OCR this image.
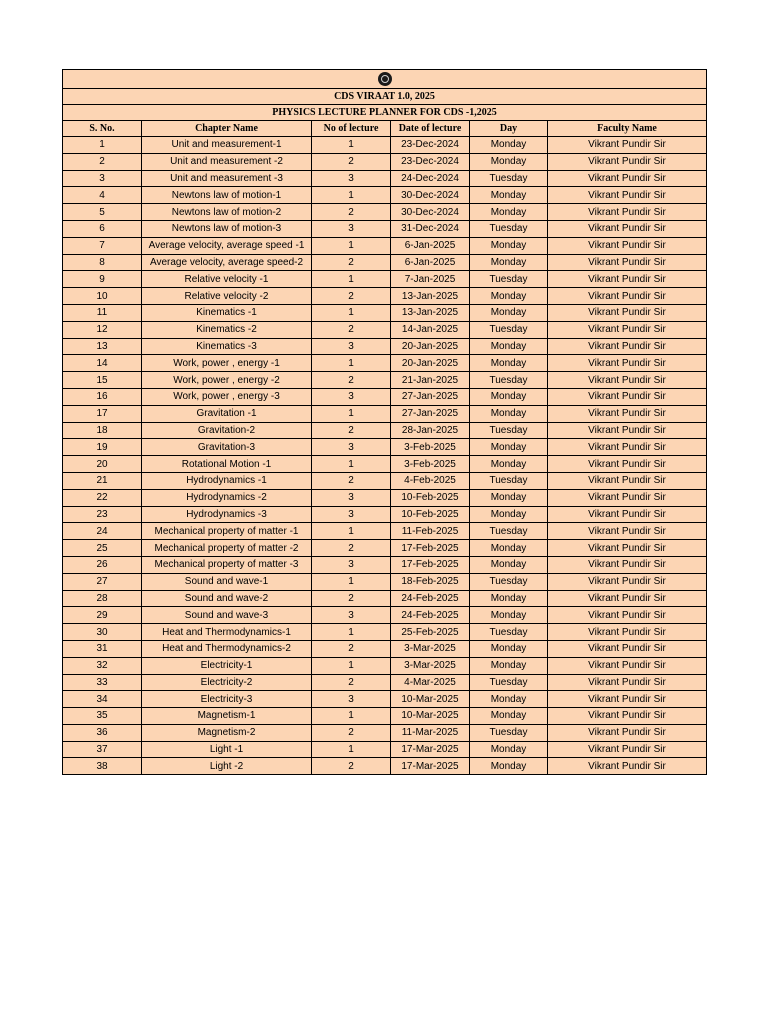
CDS VIRAAT 1.0, 2025					
PHYSICS LECTURE PLANNER FOR CDS -1,2025					
S. No.	Chapter Name	No of lecture	Date of lecture	Day	Faculty Name
1	Unit and measurement-1	1	23-Dec-2024	Monday	Vikrant Pundir Sir
2	Unit and measurement -2	2	23-Dec-2024	Monday	Vikrant Pundir Sir
3	Unit and measurement -3	3	24-Dec-2024	Tuesday	Vikrant Pundir Sir
4	Newtons law of motion-1	1	30-Dec-2024	Monday	Vikrant Pundir Sir
5	Newtons law of motion-2	2	30-Dec-2024	Monday	Vikrant Pundir Sir
6	Newtons law of motion-3	3	31-Dec-2024	Tuesday	Vikrant Pundir Sir
7	Average velocity, average speed -1	1	6-Jan-2025	Monday	Vikrant Pundir Sir
8	Average velocity, average speed-2	2	6-Jan-2025	Monday	Vikrant Pundir Sir
9	Relative velocity -1	1	7-Jan-2025	Tuesday	Vikrant Pundir Sir
10	Relative velocity -2	2	13-Jan-2025	Monday	Vikrant Pundir Sir
11	Kinematics -1	1	13-Jan-2025	Monday	Vikrant Pundir Sir
12	Kinematics -2	2	14-Jan-2025	Tuesday	Vikrant Pundir Sir
13	Kinematics -3	3	20-Jan-2025	Monday	Vikrant Pundir Sir
14	Work, power , energy -1	1	20-Jan-2025	Monday	Vikrant Pundir Sir
15	Work, power , energy -2	2	21-Jan-2025	Tuesday	Vikrant Pundir Sir
16	Work, power , energy -3	3	27-Jan-2025	Monday	Vikrant Pundir Sir
17	Gravitation -1	1	27-Jan-2025	Monday	Vikrant Pundir Sir
18	Gravitation-2	2	28-Jan-2025	Tuesday	Vikrant Pundir Sir
19	Gravitation-3	3	3-Feb-2025	Monday	Vikrant Pundir Sir
20	Rotational Motion -1	1	3-Feb-2025	Monday	Vikrant Pundir Sir
21	Hydrodynamics -1	2	4-Feb-2025	Tuesday	Vikrant Pundir Sir
22	Hydrodynamics -2	3	10-Feb-2025	Monday	Vikrant Pundir Sir
23	Hydrodynamics -3	3	10-Feb-2025	Monday	Vikrant Pundir Sir
24	Mechanical property of matter -1	1	11-Feb-2025	Tuesday	Vikrant Pundir Sir
25	Mechanical property of matter -2	2	17-Feb-2025	Monday	Vikrant Pundir Sir
26	Mechanical property of matter -3	3	17-Feb-2025	Monday	Vikrant Pundir Sir
27	Sound and wave-1	1	18-Feb-2025	Tuesday	Vikrant Pundir Sir
28	Sound and wave-2	2	24-Feb-2025	Monday	Vikrant Pundir Sir
29	Sound and wave-3	3	24-Feb-2025	Monday	Vikrant Pundir Sir
30	Heat and Thermodynamics-1	1	25-Feb-2025	Tuesday	Vikrant Pundir Sir
31	Heat and Thermodynamics-2	2	3-Mar-2025	Monday	Vikrant Pundir Sir
32	Electricity-1	1	3-Mar-2025	Monday	Vikrant Pundir Sir
33	Electricity-2	2	4-Mar-2025	Tuesday	Vikrant Pundir Sir
34	Electricity-3	3	10-Mar-2025	Monday	Vikrant Pundir Sir
35	Magnetism-1	1	10-Mar-2025	Monday	Vikrant Pundir Sir
36	Magnetism-2	2	11-Mar-2025	Tuesday	Vikrant Pundir Sir
37	Light -1	1	17-Mar-2025	Monday	Vikrant Pundir Sir
38	Light -2	2	17-Mar-2025	Monday	Vikrant Pundir Sir
